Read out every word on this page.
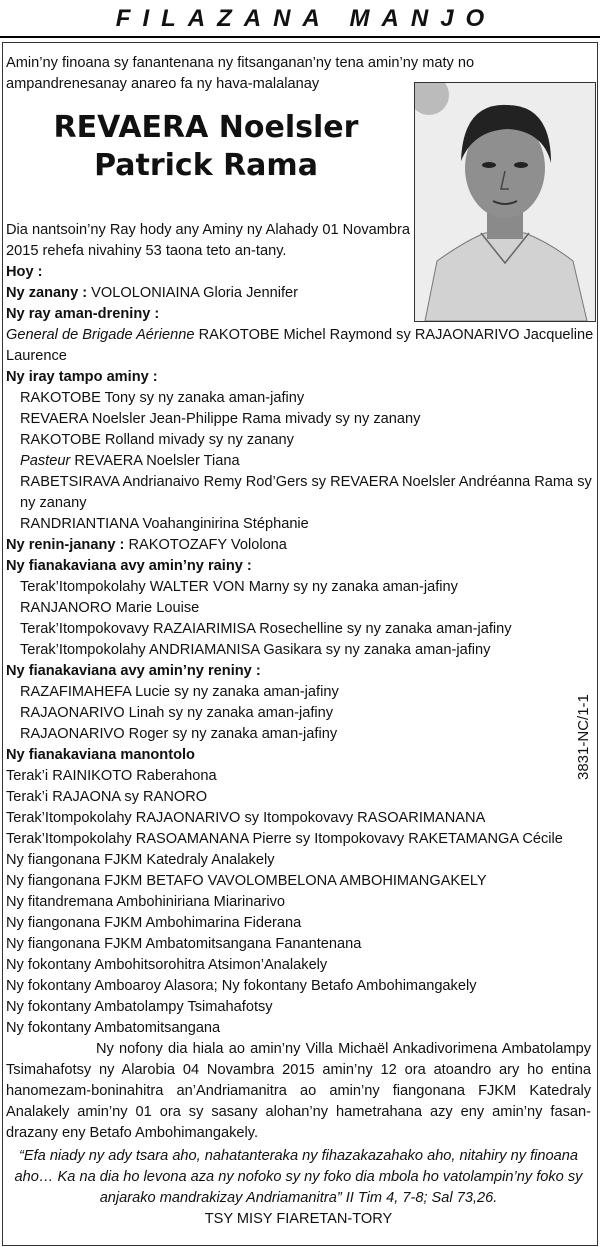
FILAZANA MANJO
3831-NC/1-1
Amin’ny finoana sy fanantenana ny fitsanganan’ny tena amin’ny maty no ampandrenesanay anareo fa ny hava-malalanay
REVAERA Noelsler
Patrick Rama
Dia nantsoin’ny Ray hody any Aminy ny Alahady 01 Novambra
2015 rehefa nivahiny 53 taona teto an-tany.
Hoy :
Ny zanany : VOLOLONIAINA Gloria Jennifer
Ny ray aman-dreniny :
General de Brigade Aérienne RAKOTOBE Michel Raymond sy RAJAONARIVO Jacqueline
Laurence
Ny iray tampo aminy :
RAKOTOBE Tony sy ny zanaka aman-jafiny
REVAERA Noelsler Jean-Philippe Rama mivady sy ny zanany
RAKOTOBE Rolland mivady sy ny zanany
Pasteur REVAERA Noelsler Tiana
RABETSIRAVA Andrianaivo Remy Rod’Gers sy REVAERA Noelsler Andréanna Rama sy
ny zanany
RANDRIANTIANA Voahanginirina Stéphanie
Ny renin-janany : RAKOTOZAFY Vololona
Ny fianakaviana avy amin’ny rainy :
Terak’Itompokolahy WALTER VON Marny sy ny zanaka aman-jafiny
RANJANORO Marie Louise
Terak’Itompokovavy RAZAIARIMISA Rosechelline sy ny zanaka aman-jafiny
Terak’Itompokolahy ANDRIAMANISA Gasikara sy ny zanaka aman-jafiny
Ny fianakaviana avy amin’ny reniny :
RAZAFIMAHEFA Lucie sy ny zanaka aman-jafiny
RAJAONARIVO Linah sy ny zanaka aman-jafiny
RAJAONARIVO Roger sy ny zanaka aman-jafiny
Ny fianakaviana manontolo
Terak’i RAINIKOTO Raberahona
Terak’i RAJAONA sy RANORO
Terak’Itompokolahy RAJAONARIVO sy Itompokovavy RASOARIMANANA
Terak’Itompokolahy RASOAMANANA Pierre sy Itompokovavy RAKETAMANGA Cécile
Ny fiangonana FJKM Katedraly Analakely
Ny fiangonana FJKM BETAFO VAVOLOMBELONA AMBOHIMANGAKELY
Ny fitandremana Ambohiniriana Miarinarivo
Ny fiangonana FJKM Ambohimarina Fiderana
Ny fiangonana FJKM Ambatomitsangana Fanantenana
Ny fokontany Ambohitsorohitra Atsimon’Analakely
Ny fokontany Amboaroy Alasora; Ny fokontany Betafo Ambohimangakely
Ny fokontany Ambatolampy Tsimahafotsy
Ny fokontany Ambatomitsangana
Ny nofony dia hiala ao amin’ny Villa Michaël Ankadivorimena Ambatolampy Tsimahafotsy ny Alarobia 04 Novambra 2015 amin’ny 12 ora atoandro ary ho entina hanomezam-boninahitra an’Andriamanitra ao amin’ny fiangonana FJKM Katedraly Analakely amin’ny 01 ora sy sasany alohan’ny hametrahana azy eny amin’ny fasan-drazany eny Betafo Ambohimangakely.
“Efa niady ny ady tsara aho, nahatanteraka ny fihazakazahako aho, nitahiry ny finoana aho… Ka na dia ho levona aza ny nofoko sy ny foko dia mbola ho vatolampin’ny foko sy anjarako mandrakizay Andriamanitra” II Tim 4, 7-8; Sal 73,26.
TSY MISY FIARETAN-TORY
